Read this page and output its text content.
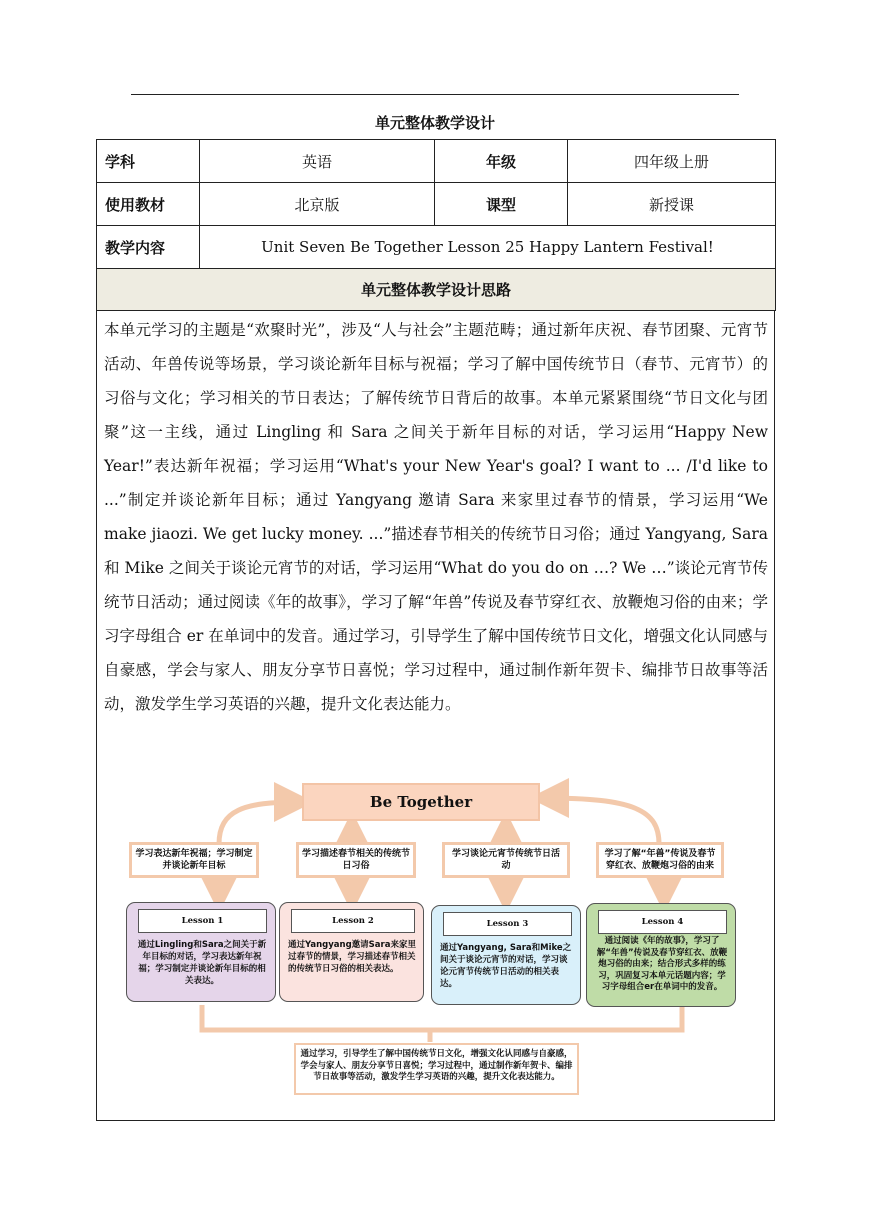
单元整体教学设计
学科	英语	年级	四年级上册
使用教材	北京版	课型	新授课
教学内容	Unit Seven Be Together Lesson 25 Happy Lantern Festival!		
单元整体教学设计思路			

本单元学习的主题是“欢聚时光”，涉及“人与社会”主题范畴；通过新年庆祝、春节团聚、元宵节活动、年兽传说等场景，学习谈论新年目标与祝福；学习了解中国传统节日（春节、元宵节）的习俗与文化；学习相关的节日表达；了解传统节日背后的故事。本单元紧紧围绕“节日文化与团聚”这一主线，通过 Lingling 和 Sara 之间关于新年目标的对话，学习运用“Happy New Year!”表达新年祝福；学习运用“What's your New Year's goal? I want to ... /I'd like to ...”制定并谈论新年目标；通过 Yangyang 邀请 Sara 来家里过春节的情景，学习运用“We make jiaozi. We get lucky money. ...”描述春节相关的传统节日习俗；通过 Yangyang, Sara 和 Mike 之间关于谈论元宵节的对话，学习运用“What do you do on …? We …”谈论元宵节传统节日活动；通过阅读《年的故事》，学习了解“年兽”传说及春节穿红衣、放鞭炮习俗的由来；学习字母组合 er 在单词中的发音。通过学习，引导学生了解中国传统节日文化，增强文化认同感与自豪感，学会与家人、朋友分享节日喜悦；学习过程中，通过制作新年贺卡、编排节日故事等活动，激发学生学习英语的兴趣，提升文化表达能力。

Be Together
学习表达新年祝福；学习制定并谈论新年目标
学习描述春节相关的传统节日习俗
学习谈论元宵节传统节日活动
学习了解“年兽”传说及春节穿红衣、放鞭炮习俗的由来
Lesson 1
通过Lingling和Sara之间关于新年目标的对话，学习表达新年祝福；学习制定并谈论新年目标的相关表达。
Lesson 2
通过Yangyang邀请Sara来家里过春节的情景，学习描述春节相关的传统节日习俗的相关表达。
Lesson 3
通过Yangyang, Sara和Mike之间关于谈论元宵节的对话，学习谈论元宵节传统节日活动的相关表达。
Lesson 4
通过阅读《年的故事》，学习了解“年兽”传说及春节穿红衣、放鞭炮习俗的由来；结合形式多样的练习，巩固复习本单元话题内容；学习字母组合er在单词中的发音。
通过学习，引导学生了解中国传统节日文化，增强文化认同感与自豪感，学会与家人、朋友分享节日喜悦；学习过程中，通过制作新年贺卡、编排节日故事等活动，激发学生学习英语的兴趣，提升文化表达能力。
